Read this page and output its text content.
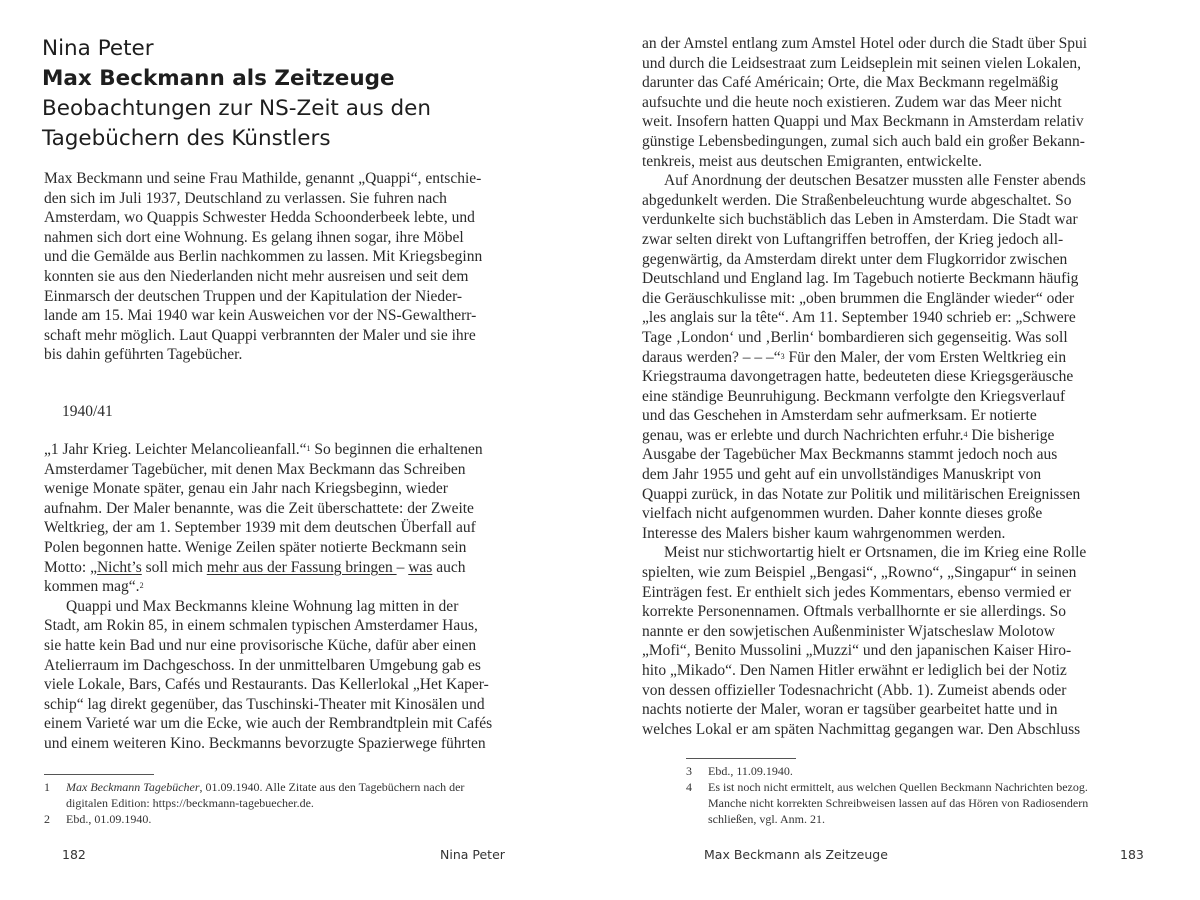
Nina Peter
Max Beckmann als Zeitzeuge
Beobachtungen zur NS-Zeit aus den
Tagebüchern des Künstlers
Max Beckmann und seine Frau Mathilde, genannt „Quappi“, entschie-
den sich im Juli 1937, Deutschland zu verlassen. Sie fuhren nach
Amsterdam, wo Quappis Schwester Hedda Schoonderbeek lebte, und
nahmen sich dort eine Wohnung. Es gelang ihnen sogar, ihre Möbel
und die Gemälde aus Berlin nachkommen zu lassen. Mit Kriegsbeginn
konnten sie aus den Niederlanden nicht mehr ausreisen und seit dem
Einmarsch der deutschen Truppen und der Kapitulation der Nieder-
lande am 15. Mai 1940 war kein Ausweichen vor der NS-Gewaltherr-
schaft mehr möglich. Laut Quappi verbrannten der Maler und sie ihre
bis dahin geführten Tagebücher.
1940/41
„1 Jahr Krieg. Leichter Melancolieanfall.“$^1$ So beginnen die erhaltenen
Amsterdamer Tagebücher, mit denen Max Beckmann das Schreiben
wenige Monate später, genau ein Jahr nach Kriegsbeginn, wieder
aufnahm. Der Maler benannte, was die Zeit überschattete: der Zweite
Weltkrieg, der am 1. September 1939 mit dem deutschen Überfall auf
Polen begonnen hatte. Wenige Zeilen später notierte Beckmann sein
Motto: „Nicht’s soll mich mehr aus der Fassung bringen – was auch
kommen mag“.$^2$
Quappi und Max Beckmanns kleine Wohnung lag mitten in der
Stadt, am Rokin 85, in einem schmalen typischen Amsterdamer Haus,
sie hatte kein Bad und nur eine provisorische Küche, dafür aber einen
Atelierraum im Dachgeschoss. In der unmittelbaren Umgebung gab es
viele Lokale, Bars, Cafés und Restaurants. Das Kellerlokal „Het Kaper-
schip“ lag direkt gegenüber, das Tuschinski-Theater mit Kinosälen und
einem Varieté war um die Ecke, wie auch der Rembrandtplein mit Cafés
und einem weiteren Kino. Beckmanns bevorzugte Spazierwege führten
1	Max Beckmann Tagebücher, 01.09.1940. Alle Zitate aus den Tagebüchern nach der
digitalen Edition: https://beckmann-tagebuecher.de.
2	Ebd., 01.09.1940.
182	Nina Peter
an der Amstel entlang zum Amstel Hotel oder durch die Stadt über Spui
und durch die Leidsestraat zum Leidseplein mit seinen vielen Lokalen,
darunter das Café Américain; Orte, die Max Beckmann regelmäßig
aufsuchte und die heute noch existieren. Zudem war das Meer nicht
weit. Insofern hatten Quappi und Max Beckmann in Amsterdam relativ
günstige Lebensbedingungen, zumal sich auch bald ein großer Bekann-
tenkreis, meist aus deutschen Emigranten, entwickelte.
Auf Anordnung der deutschen Besatzer mussten alle Fenster abends
abgedunkelt werden. Die Straßenbeleuchtung wurde abgeschaltet. So
verdunkelte sich buchstäblich das Leben in Amsterdam. Die Stadt war
zwar selten direkt von Luftangriffen betroffen, der Krieg jedoch all-
gegenwärtig, da Amsterdam direkt unter dem Flugkorridor zwischen
Deutschland und England lag. Im Tagebuch notierte Beckmann häufig
die Geräuschkulisse mit: „oben brummen die Engländer wieder“ oder
„les anglais sur la tête“. Am 11. September 1940 schrieb er: „Schwere
Tage ‚London‘ und ‚Berlin‘ bombardieren sich gegenseitig. Was soll
daraus werden? – – –“$^3$ Für den Maler, der vom Ersten Weltkrieg ein
Kriegstrauma davongetragen hatte, bedeuteten diese Kriegsgeräusche
eine ständige Beunruhigung. Beckmann verfolgte den Kriegsverlauf
und das Geschehen in Amsterdam sehr aufmerksam. Er notierte
genau, was er erlebte und durch Nachrichten erfuhr.$^4$ Die bisherige
Ausgabe der Tagebücher Max Beckmanns stammt jedoch noch aus
dem Jahr 1955 und geht auf ein unvollständiges Manuskript von
Quappi zurück, in das Notate zur Politik und militärischen Ereignissen
vielfach nicht aufgenommen wurden. Daher konnte dieses große
Interesse des Malers bisher kaum wahrgenommen werden.
Meist nur stichwortartig hielt er Ortsnamen, die im Krieg eine Rolle
spielten, wie zum Beispiel „Bengasi“, „Rowno“, „Singapur“ in seinen
Einträgen fest. Er enthielt sich jedes Kommentars, ebenso vermied er
korrekte Personennamen. Oftmals verballhornte er sie allerdings. So
nannte er den sowjetischen Außenminister Wjatscheslaw Molotow
„Mofi“, Benito Mussolini „Muzzi“ und den japanischen Kaiser Hiro-
hito „Mikado“. Den Namen Hitler erwähnt er lediglich bei der Notiz
von dessen offizieller Todesnachricht (Abb. 1). Zumeist abends oder
nachts notierte der Maler, woran er tagsüber gearbeitet hatte und in
welches Lokal er am späten Nachmittag gegangen war. Den Abschluss
3	Ebd., 11.09.1940.
4	Es ist noch nicht ermittelt, aus welchen Quellen Beckmann Nachrichten bezog.
Manche nicht korrekten Schreibweisen lassen auf das Hören von Radiosendern
schließen, vgl. Anm. 21.
Max Beckmann als Zeitzeuge	183
